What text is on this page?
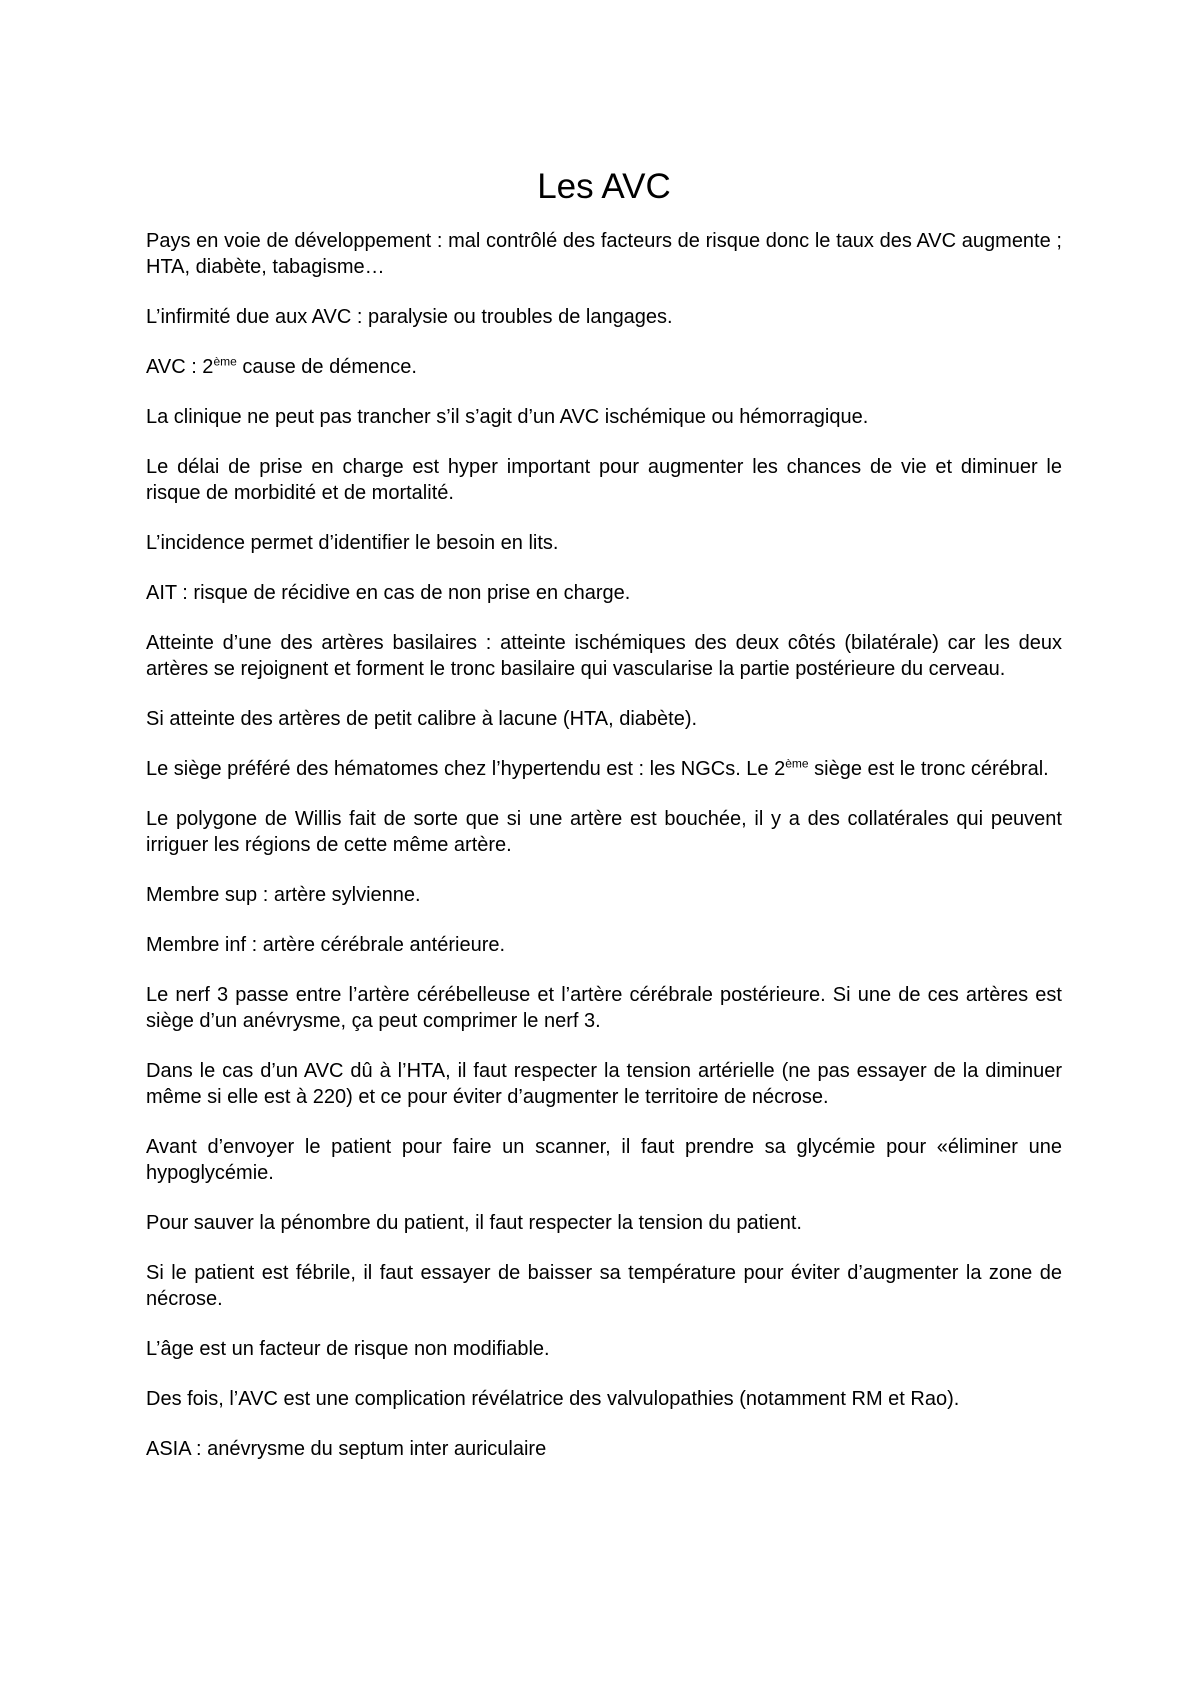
Les AVC

Pays en voie de développement : mal contrôlé des facteurs de risque donc le taux des AVC augmente ; HTA, diabète, tabagisme…

L’infirmité due aux AVC : paralysie ou troubles de langages.

AVC : 2ème cause de démence.

La clinique ne peut pas trancher s’il s’agit d’un AVC ischémique ou hémorragique.

Le délai de prise en charge est hyper important pour augmenter les chances de vie et diminuer le risque de morbidité et de mortalité.

L’incidence permet d’identifier le besoin en lits.

AIT : risque de récidive en cas de non prise en charge.

Atteinte d’une des artères basilaires : atteinte ischémiques des deux côtés (bilatérale) car les deux artères se rejoignent et forment le tronc basilaire qui vascularise la partie postérieure du cerveau.

Si atteinte des artères de petit calibre à lacune (HTA, diabète).

Le siège préféré des hématomes chez l’hypertendu est : les NGCs. Le 2ème siège est le tronc cérébral.

Le polygone de Willis fait de sorte que si une artère est bouchée, il y a des collatérales qui peuvent irriguer les régions de cette même artère.

Membre sup : artère sylvienne.

Membre inf : artère cérébrale antérieure.

Le nerf 3 passe entre l’artère cérébelleuse et l’artère cérébrale postérieure. Si une de ces artères est siège d’un anévrysme, ça peut comprimer le nerf 3.

Dans le cas d’un AVC dû à l’HTA, il faut respecter la tension artérielle (ne pas essayer de la diminuer même si elle est à 220) et ce pour éviter d’augmenter le territoire de nécrose.

Avant d’envoyer le patient pour faire un scanner, il faut prendre sa glycémie pour «éliminer une hypoglycémie.

Pour sauver la pénombre du patient, il faut respecter la tension du patient.

Si le patient est fébrile, il faut essayer de baisser sa température pour éviter d’augmenter la zone de nécrose.

L’âge est un facteur de risque non modifiable.

Des fois, l’AVC est une complication révélatrice des valvulopathies (notamment RM et Rao).

ASIA : anévrysme du septum inter auriculaire
